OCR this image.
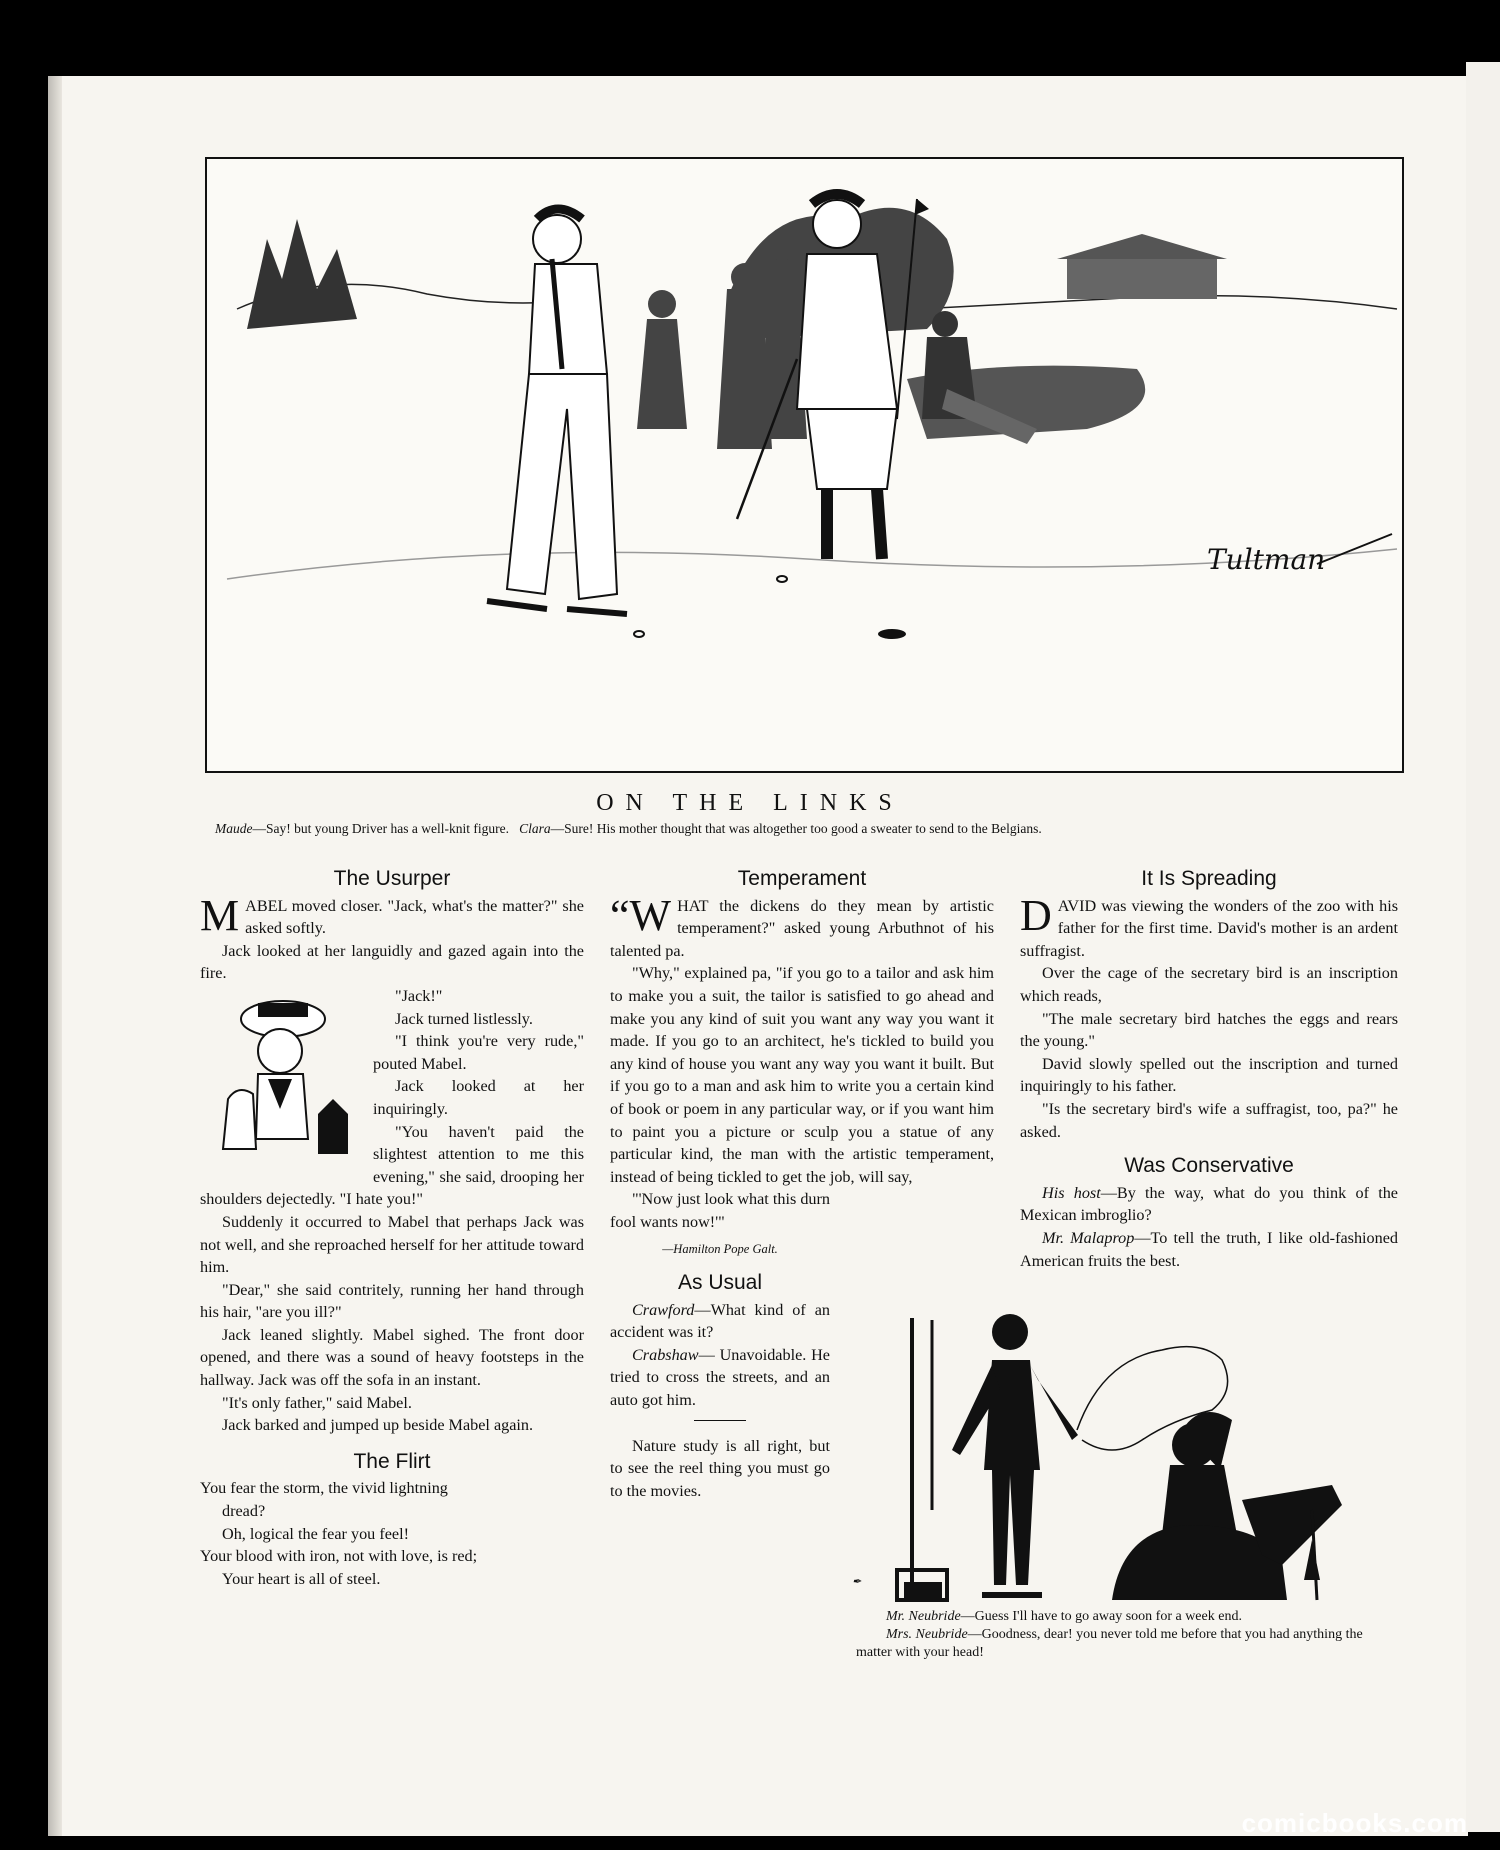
Tultman
ON THE LINKS
Maude—Say! but young Driver has a well-knit figure. Clara—Sure! His mother thought that was altogether too good a sweater to send to the Belgians.
The Usurper

MABEL moved closer. "Jack, what's the matter?" she asked softly.

Jack looked at her languidly and gazed again into the fire.

"Jack!"

Jack turned listlessly.

"I think you're very rude," pouted Mabel.

Jack looked at her inquiringly.

"You haven't paid the slightest attention to me this evening," she said, drooping her shoulders dejectedly. "I hate you!"

Suddenly it occurred to Mabel that perhaps Jack was not well, and she reproached herself for her attitude toward him.

"Dear," she said contritely, running her hand through his hair, "are you ill?"

Jack leaned slightly. Mabel sighed. The front door opened, and there was a sound of heavy footsteps in the hallway. Jack was off the sofa in an instant.

"It's only father," said Mabel.

Jack barked and jumped up beside Mabel again.

The Flirt

You fear the storm, the vivid lightning

dread?

Oh, logical the fear you feel!

Your blood with iron, not with love, is red;

Your heart is all of steel.

Temperament

“WHAT the dickens do they mean by artistic temperament?" asked young Arbuthnot of his talented pa.

"Why," explained pa, "if you go to a tailor and ask him to make you a suit, the tailor is satisfied to go ahead and make you any kind of suit you want any way you want it made. If you go to an architect, he's tickled to build you any kind of house you want any way you want it built. But if you go to a man and ask him to write you a certain kind of book or poem in any particular way, or if you want him to paint you a picture or sculp you a statue of any particular kind, the man with the artistic temperament, instead of being tickled to get the job, will say,

"'Now just look what this durn fool wants now!'"

—Hamilton Pope Galt.
As Usual

Crawford—What kind of an accident was it?

Crabshaw— Unavoidable. He tried to cross the streets, and an auto got him.

Nature study is all right, but to see the reel thing you must go to the movies.

It Is Spreading

DAVID was viewing the wonders of the zoo with his father for the first time. David's mother is an ardent suffragist.

Over the cage of the secretary bird is an inscription which reads,

"The male secretary bird hatches the eggs and rears the young."

David slowly spelled out the inscription and turned inquiringly to his father.

"Is the secretary bird's wife a suffragist, too, pa?" he asked.

Was Conservative

His host—By the way, what do you think of the Mexican imbroglio?

Mr. Malaprop—To tell the truth, I like old-fashioned American fruits the best.

✒
Mr. Neubride—Guess I'll have to go away soon for a week end.
Mrs. Neubride—Goodness, dear! you never told me before that you had anything the matter with your head!
comicbooks.com
